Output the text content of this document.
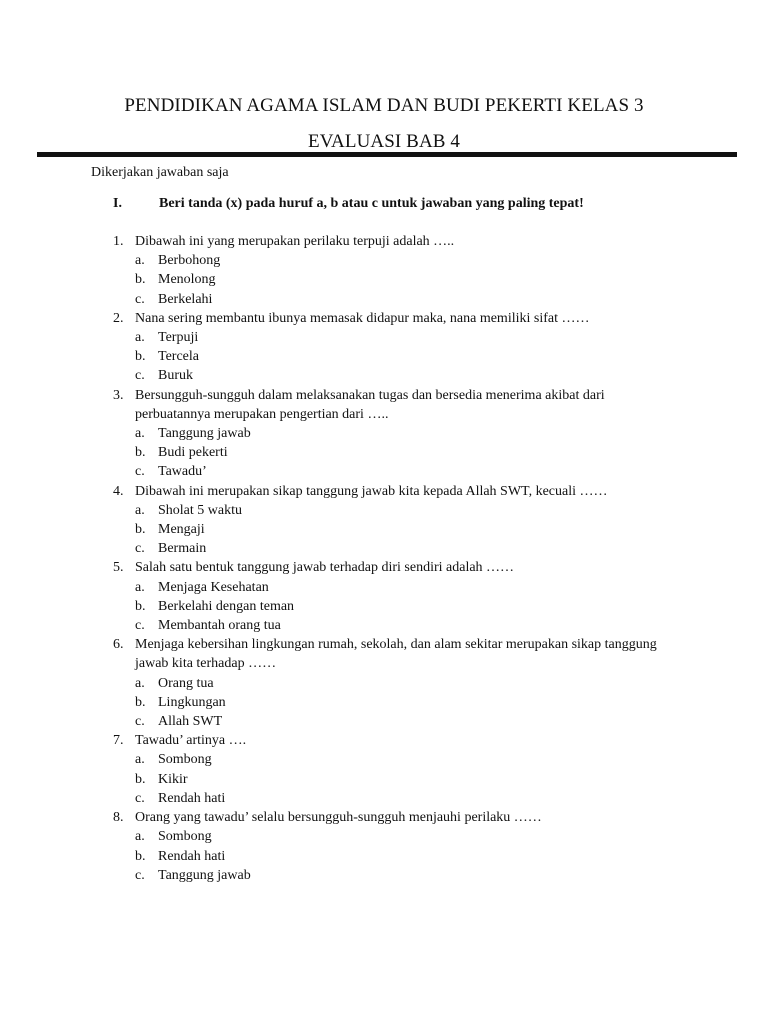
PENDIDIKAN AGAMA ISLAM DAN BUDI PEKERTI KELAS 3
EVALUASI BAB 4
Dikerjakan jawaban saja
I.	Beri tanda (x) pada huruf a, b atau c untuk jawaban yang paling tepat!
1. Dibawah ini yang merupakan perilaku terpuji adalah …..
a. Berbohong
b. Menolong
c. Berkelahi
2. Nana sering membantu ibunya memasak didapur maka, nana memiliki sifat ……
a. Terpuji
b. Tercela
c. Buruk
3. Bersungguh-sungguh dalam melaksanakan tugas dan bersedia menerima akibat dari perbuatannya merupakan pengertian dari …..
a. Tanggung jawab
b. Budi pekerti
c. Tawadu’
4. Dibawah ini merupakan sikap tanggung jawab kita kepada Allah SWT, kecuali ……
a. Sholat 5 waktu
b. Mengaji
c. Bermain
5. Salah satu bentuk tanggung jawab terhadap diri sendiri adalah ……
a. Menjaga Kesehatan
b. Berkelahi dengan teman
c. Membantah orang tua
6. Menjaga kebersihan lingkungan rumah, sekolah, dan alam sekitar merupakan sikap tanggung jawab kita terhadap ……
a. Orang tua
b. Lingkungan
c. Allah SWT
7. Tawadu’ artinya ….
a. Sombong
b. Kikir
c. Rendah hati
8. Orang yang tawadu’ selalu bersungguh-sungguh menjauhi perilaku ……
a. Sombong
b. Rendah hati
c. Tanggung jawab
